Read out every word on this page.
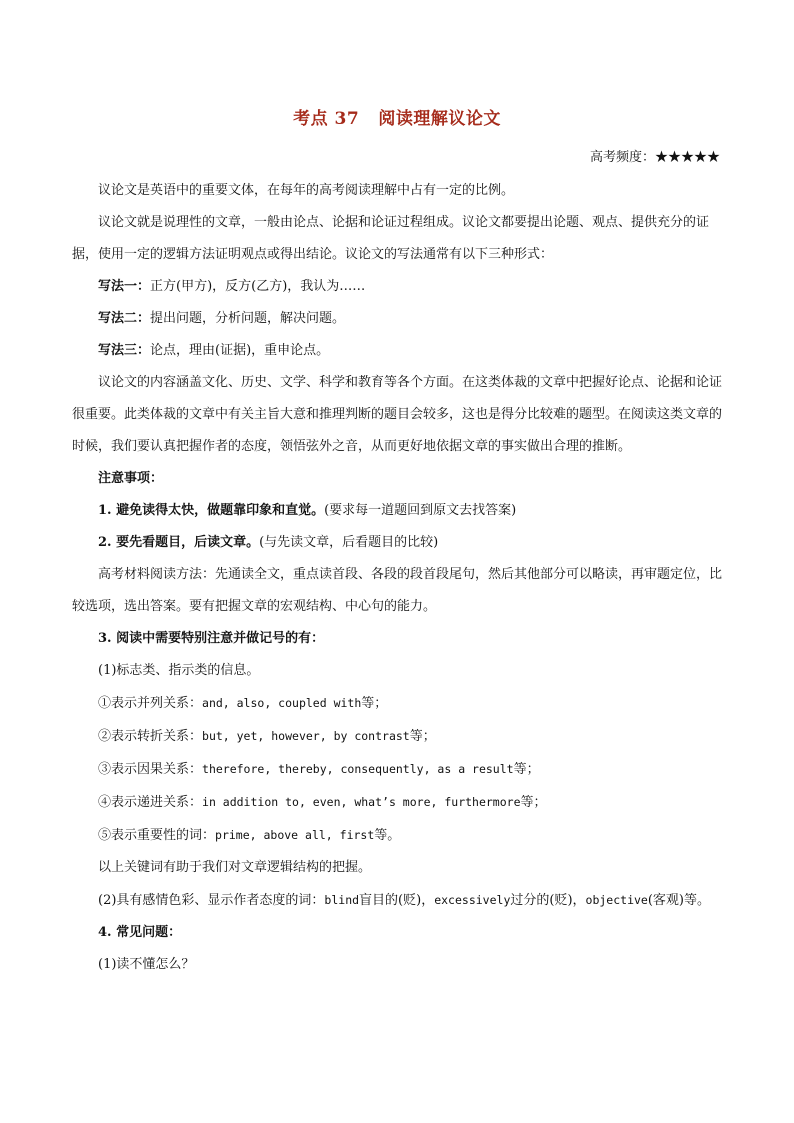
考点 37   阅读理解议论文
高考频度：★★★★★

议论文是英语中的重要文体，在每年的高考阅读理解中占有一定的比例。

议论文就是说理性的文章，一般由论点、论据和论证过程组成。议论文都要提出论题、观点、提供充分的证据，使用一定的逻辑方法证明观点或得出结论。议论文的写法通常有以下三种形式：

写法一：正方(甲方)，反方(乙方)，我认为……

写法二：提出问题，分析问题，解决问题。

写法三：论点，理由(证据)，重申论点。

议论文的内容涵盖文化、历史、文学、科学和教育等各个方面。在这类体裁的文章中把握好论点、论据和论证很重要。此类体裁的文章中有关主旨大意和推理判断的题目会较多，这也是得分比较难的题型。在阅读这类文章的时候，我们要认真把握作者的态度，领悟弦外之音，从而更好地依据文章的事实做出合理的推断。

注意事项：

1. 避免读得太快，做题靠印象和直觉。(要求每一道题回到原文去找答案)

2. 要先看题目，后读文章。(与先读文章，后看题目的比较)

高考材料阅读方法：先通读全文，重点读首段、各段的段首段尾句，然后其他部分可以略读，再审题定位，比较选项，选出答案。要有把握文章的宏观结构、中心句的能力。

3. 阅读中需要特别注意并做记号的有：

(1)标志类、指示类的信息。

①表示并列关系：and, also, coupled with等；

②表示转折关系：but, yet, however, by contrast等；

③表示因果关系：therefore, thereby, consequently, as a result等；

④表示递进关系：in addition to, even, what’s more, furthermore等；

⑤表示重要性的词：prime, above all, first等。

以上关键词有助于我们对文章逻辑结构的把握。

(2)具有感情色彩、显示作者态度的词：blind盲目的(贬)，excessively过分的(贬)，objective(客观)等。

4. 常见问题：

(1)读不懂怎么？
